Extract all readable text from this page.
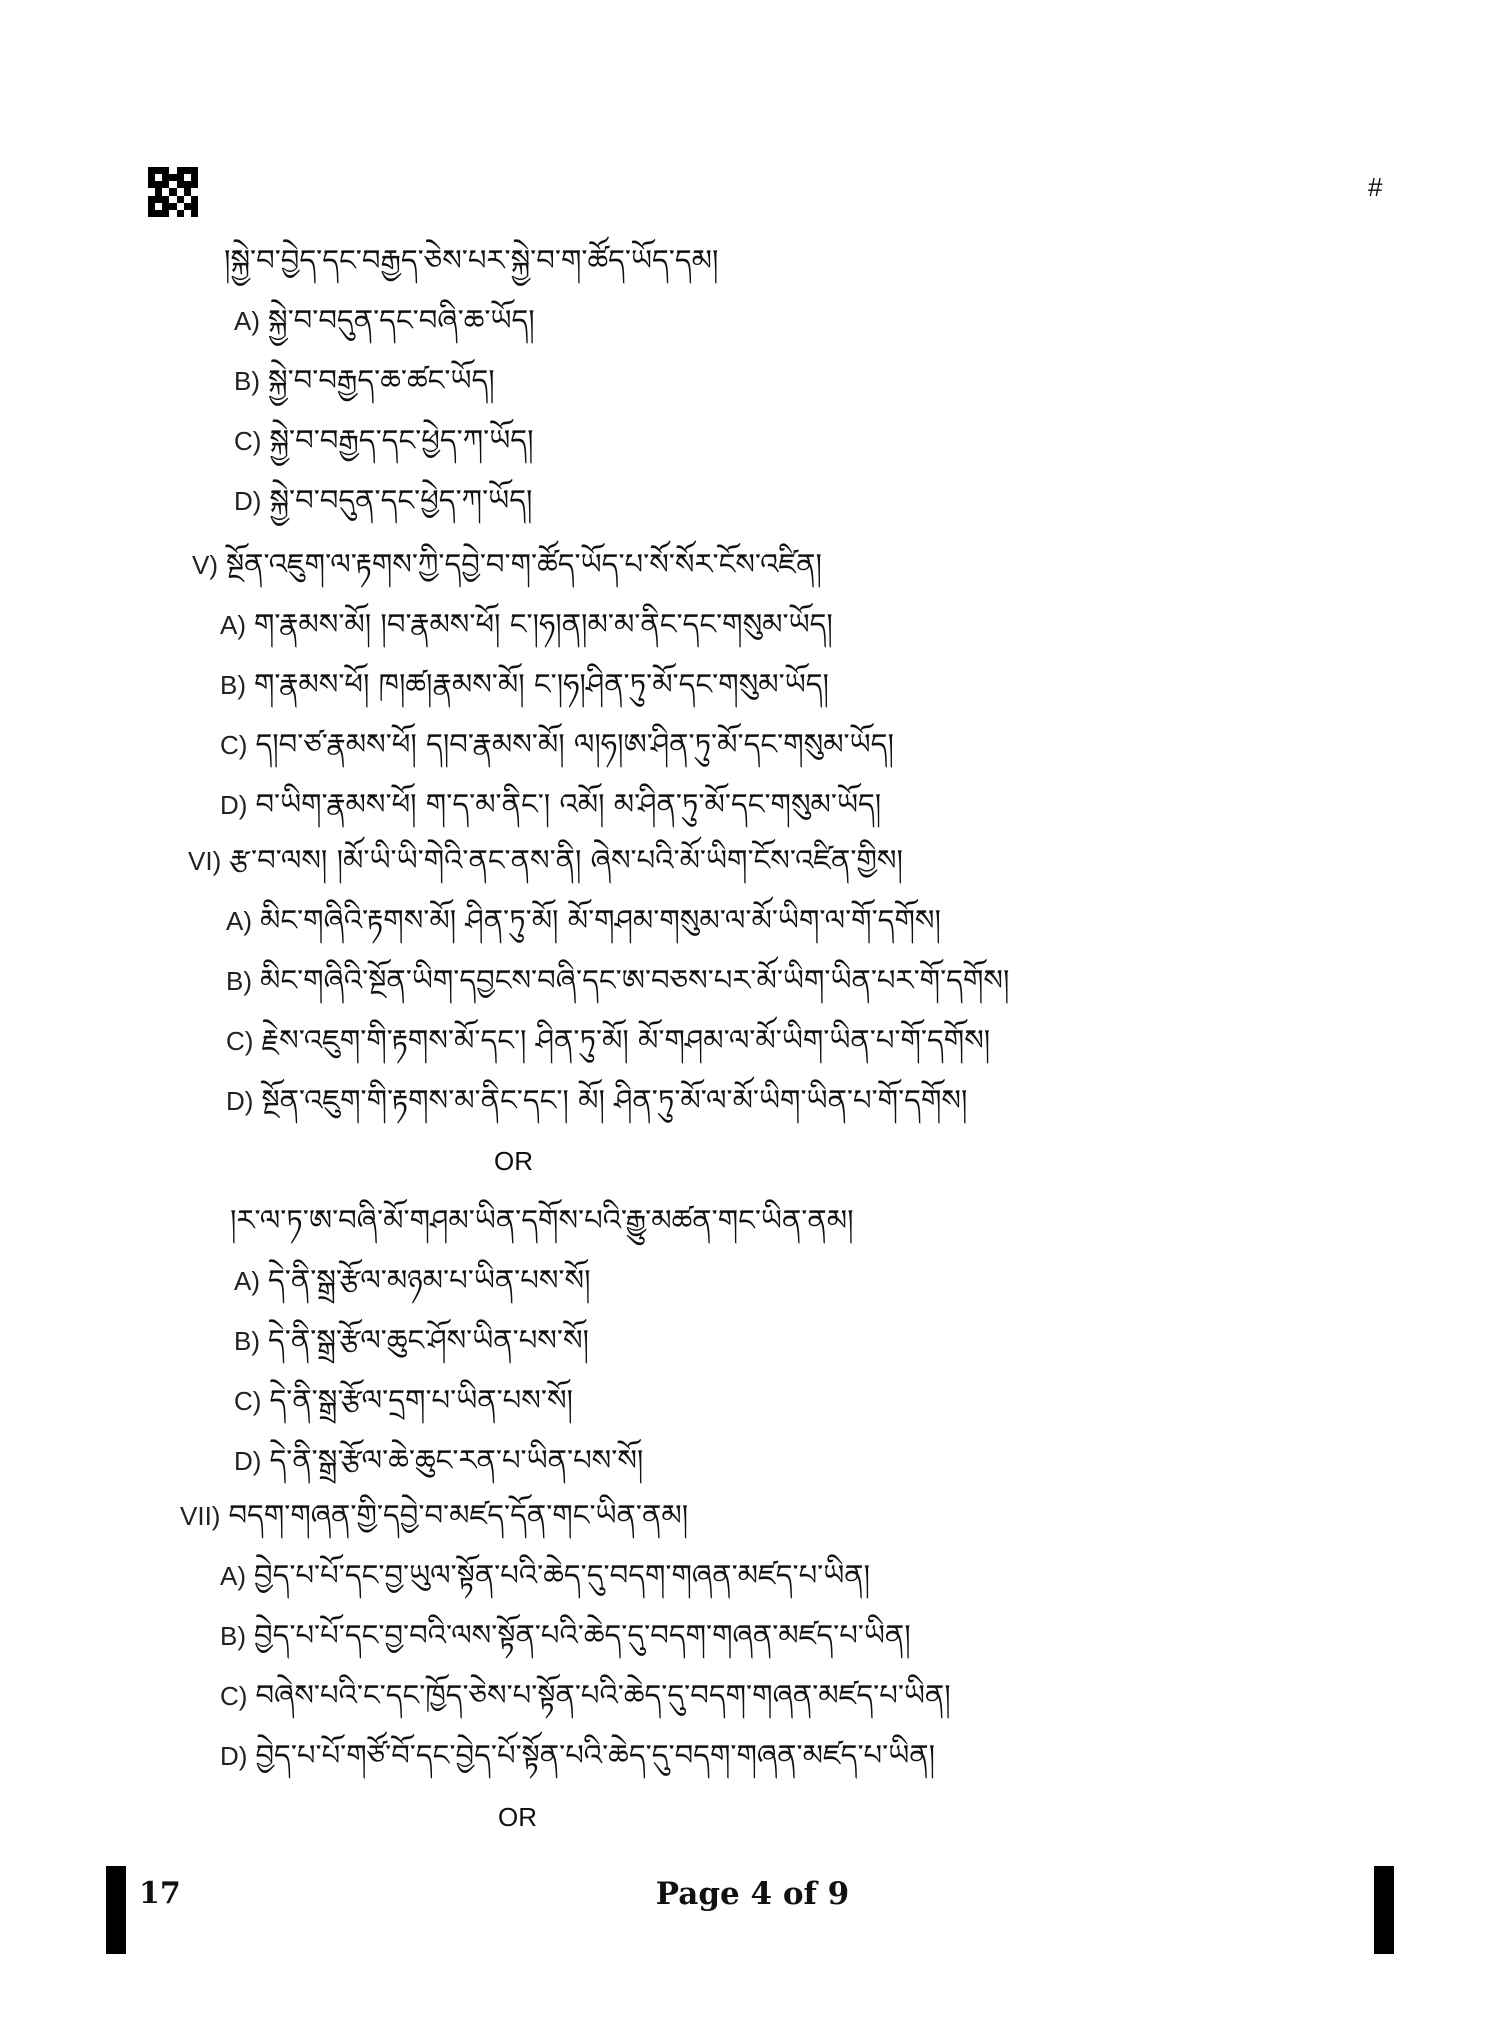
#
།སྐྱེ་བ་བྱེད་དང་བརྒྱད་ཅེས་པར་སྐྱེ་བ་ག་ཚོད་ཡོད་དམ།
A) སྐྱེ་བ་བདུན་དང་བཞི་ཆ་ཡོད།
B) སྐྱེ་བ་བརྒྱད་ཆ་ཚང་ཡོད།
C) སྐྱེ་བ་བརྒྱད་དང་ཕྱེད་ཀ་ཡོད།
D) སྐྱེ་བ་བདུན་དང་ཕྱེད་ཀ་ཡོད།
V) སྔོན་འཇུག་ལ་རྟགས་ཀྱི་དབྱེ་བ་ག་ཚོད་ཡོད་པ་སོ་སོར་ངོས་འཛིན།
A) ག་རྣམས་མོ། །བ་རྣམས་ཕོ། ང་།ཧ།ན།མ་མ་ནིང་དང་གསུམ་ཡོད།
B) ག་རྣམས་ཕོ། ཁ།ཚ།རྣམས་མོ། ང་།ཧ།ཤིན་ཏུ་མོ་དང་གསུམ་ཡོད།
C) ད།བ་ཙ་རྣམས་ཕོ། ད།བ་རྣམས་མོ། ལ།ཧ།ཨ་ཤིན་ཏུ་མོ་དང་གསུམ་ཡོད།
D) བ་ཡིག་རྣམས་ཕོ། ག་ད་མ་ནིང་། འམོ། མ་ཤིན་ཏུ་མོ་དང་གསུམ་ཡོད།
VI) རྩ་བ་ལས། །མོ་ཡི་ཡི་གེའི་ནང་ནས་ནི། ཞེས་པའི་མོ་ཡིག་ངོས་འཛིན་གྱིས།
A) མིང་གཞིའི་རྟགས་མོ། ཤིན་ཏུ་མོ། མོ་གཤམ་གསུམ་ལ་མོ་ཡིག་ལ་གོ་དགོས།
B) མིང་གཞིའི་སྔོན་ཡིག་དབྱངས་བཞི་དང་ཨ་བཅས་པར་མོ་ཡིག་ཡིན་པར་གོ་དགོས།
C) རྗེས་འཇུག་གི་རྟགས་མོ་དང་། ཤིན་ཏུ་མོ། མོ་གཤམ་ལ་མོ་ཡིག་ཡིན་པ་གོ་དགོས།
D) སྔོན་འཇུག་གི་རྟགས་མ་ནིང་དང་། མོ། ཤིན་ཏུ་མོ་ལ་མོ་ཡིག་ཡིན་པ་གོ་དགོས།
OR
།ར་ལ་ཏ་ཨ་བཞི་མོ་གཤམ་ཡིན་དགོས་པའི་རྒྱུ་མཚན་གང་ཡིན་ནམ།
A) དེ་ནི་སྒྲ་རྩོལ་མཉམ་པ་ཡིན་པས་སོ།
B) དེ་ནི་སྒྲ་རྩོལ་ཆུང་ཤོས་ཡིན་པས་སོ།
C) དེ་ནི་སྒྲ་རྩོལ་དྲག་པ་ཡིན་པས་སོ།
D) དེ་ནི་སྒྲ་རྩོལ་ཆེ་ཆུང་རན་པ་ཡིན་པས་སོ།
VII) བདག་གཞན་གྱི་དབྱེ་བ་མཛད་དོན་གང་ཡིན་ནམ།
A) བྱེད་པ་པོ་དང་བྱ་ཡུལ་སྟོན་པའི་ཆེད་དུ་བདག་གཞན་མཛད་པ་ཡིན།
B) བྱེད་པ་པོ་དང་བྱ་བའི་ལས་སྟོན་པའི་ཆེད་དུ་བདག་གཞན་མཛད་པ་ཡིན།
C) བཞེས་པའི་ང་དང་ཁྱོད་ཅེས་པ་སྟོན་པའི་ཆེད་དུ་བདག་གཞན་མཛད་པ་ཡིན།
D) བྱེད་པ་པོ་གཙོ་བོ་དང་བྱེད་པོ་སྟོན་པའི་ཆེད་དུ་བདག་གཞན་མཛད་པ་ཡིན།
OR
17	Page 4 of 9
